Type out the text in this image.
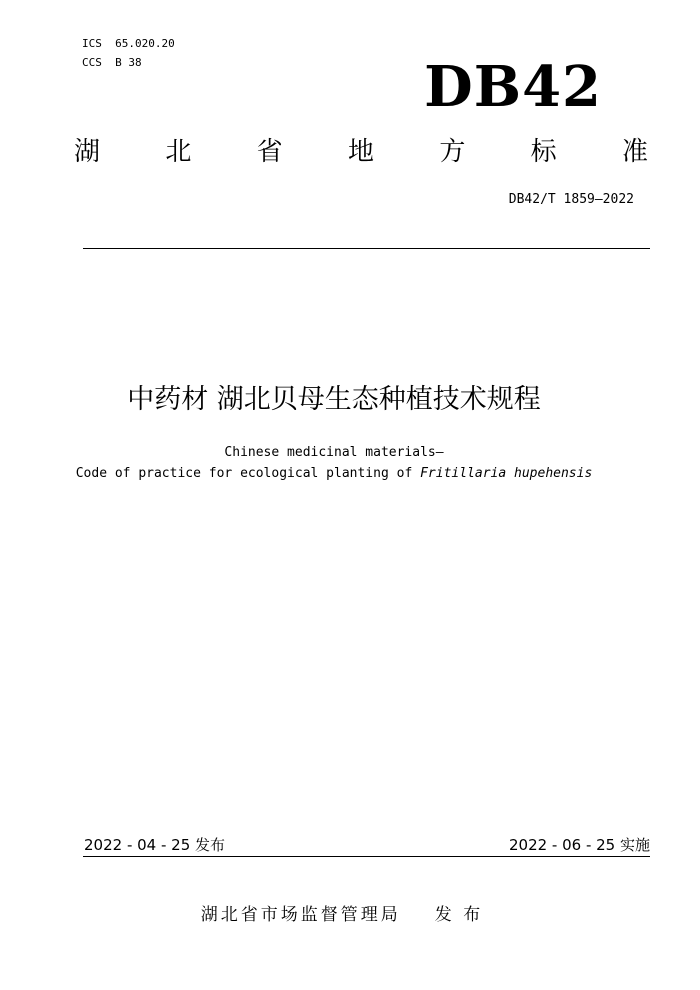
ICS  65.020.20
CCS  B 38	DB42
湖	北	省	地	方	标	准
DB42/T 1859—2022
中药材 湖北贝母生态种植技术规程
Chinese medicinal materials—
Code of practice for ecological planting of Fritillaria hupehensis
2022 - 04 - 25 发布	2022 - 06 - 25 实施
湖北省市场监督管理局 发 布
